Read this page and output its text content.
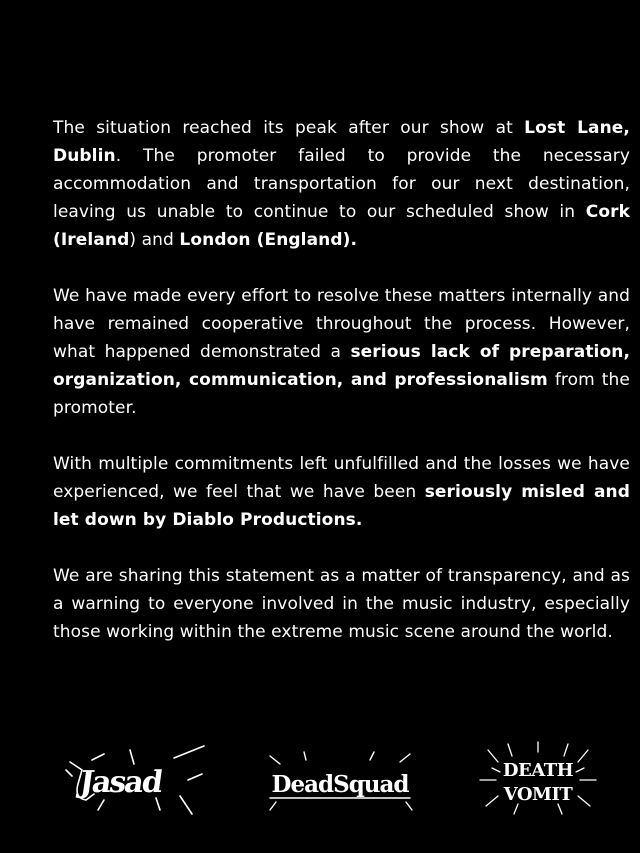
The situation reached its peak after our show at Lost Lane, Dublin. The promoter failed to provide the necessary accommodation and transportation for our next destination, leaving us unable to continue to our scheduled show in Cork (Ireland) and London (England).

We have made every effort to resolve these matters internally and have remained cooperative throughout the process. However, what happened demonstrated a serious lack of preparation, organization, communication, and professionalism from the promoter.

With multiple commitments left unfulfilled and the losses we have experienced, we feel that we have been seriously misled and let down by Diablo Productions.

We are sharing this statement as a matter of transparency, and as a warning to everyone involved in the music industry, especially those working within the extreme music scene around the world.

Jasad	DeadSquad
DEATH
VOMIT
